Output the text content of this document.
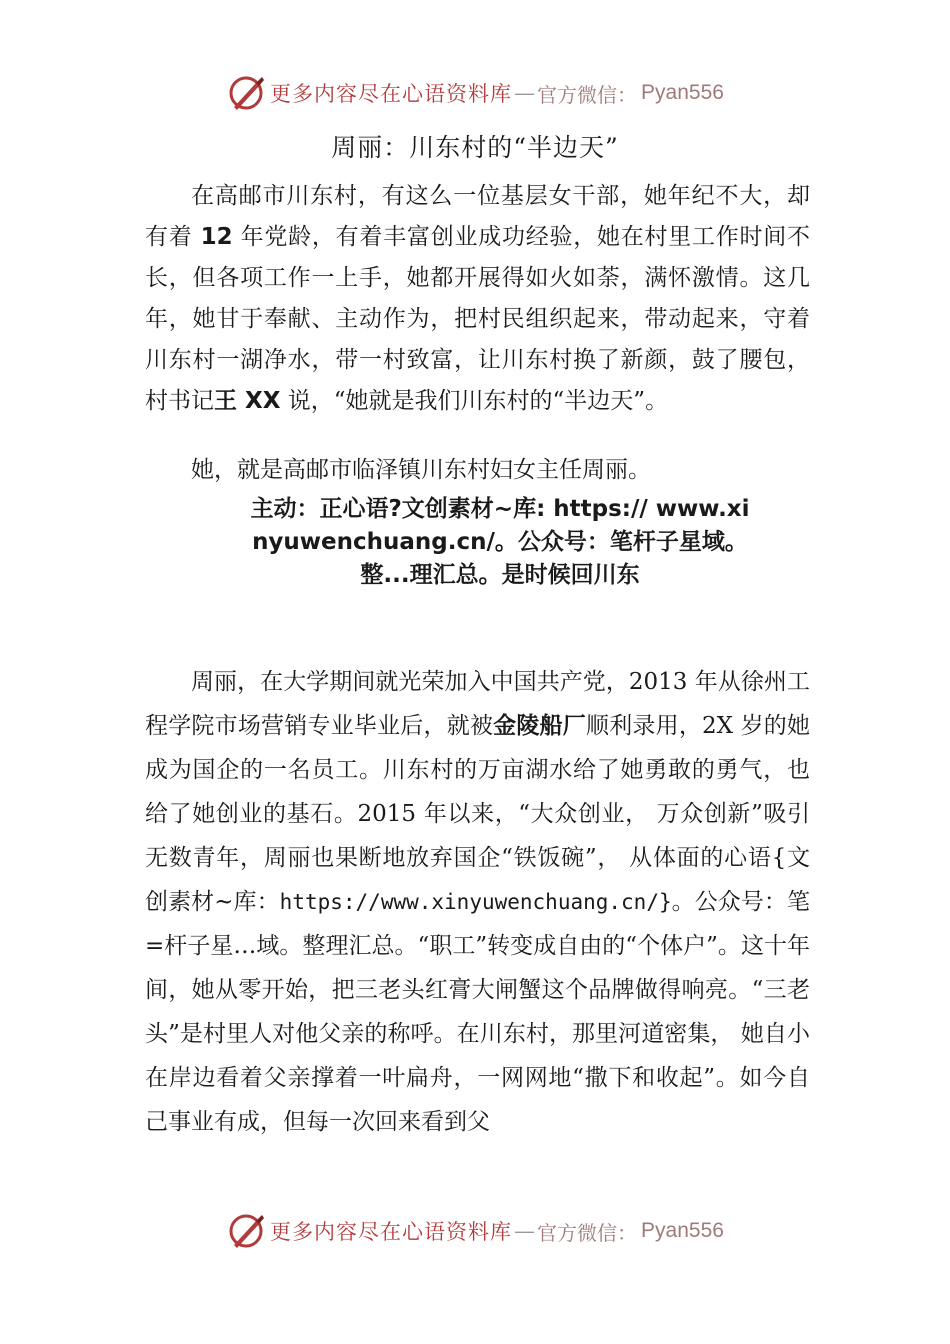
更多内容尽在心语资料库 — 官方微信： Pyan556
周丽：川东村的“半边天”

在高邮市川东村，有这么一位基层女干部，她年纪不大，却有着 12 年党龄，有着丰富创业成功经验，她在村里工作时间不长，但各项工作一上手，她都开展得如火如荼，满怀激情。这几年，她甘于奉献、主动作为，把村民组织起来，带动起来，守着川东村一湖净水，带一村致富，让川东村换了新颜，鼓了腰包，村书记王 XX 说，“她就是我们川东村的“半边天”。

她，就是高邮市临泽镇川东村妇女主任周丽。

主动：正心语?文创素材~库: https:// www.xinyuwenchuang.cn/。公众号：笔杆子星域。整...理汇总。是时候回川东

周丽，在大学期间就光荣加入中国共产党，2013 年从徐州工程学院市场营销专业毕业后，就被金陵船厂顺利录用，2X 岁的她成为国企的一名员工。川东村的万亩湖水给了她勇敢的勇气，也给了她创业的基石。2015 年以来，“大众创业， 万众创新”吸引无数青年，周丽也果断地放弃国企“铁饭碗”， 从体面的心语{文创素材~库：https://www.xinyuwenchuang.cn/}。公众号：笔=杆子星…域。整理汇总。“职工”转变成自由的“个体户”。这十年间，她从零开始，把三老头红膏大闸蟹这个品牌做得响亮。“三老头”是村里人对他父亲的称呼。在川东村，那里河道密集， 她自小在岸边看着父亲撑着一叶扁舟，一网网地“撒下和收起”。如今自己事业有成，但每一次回来看到父

更多内容尽在心语资料库 — 官方微信： Pyan556
